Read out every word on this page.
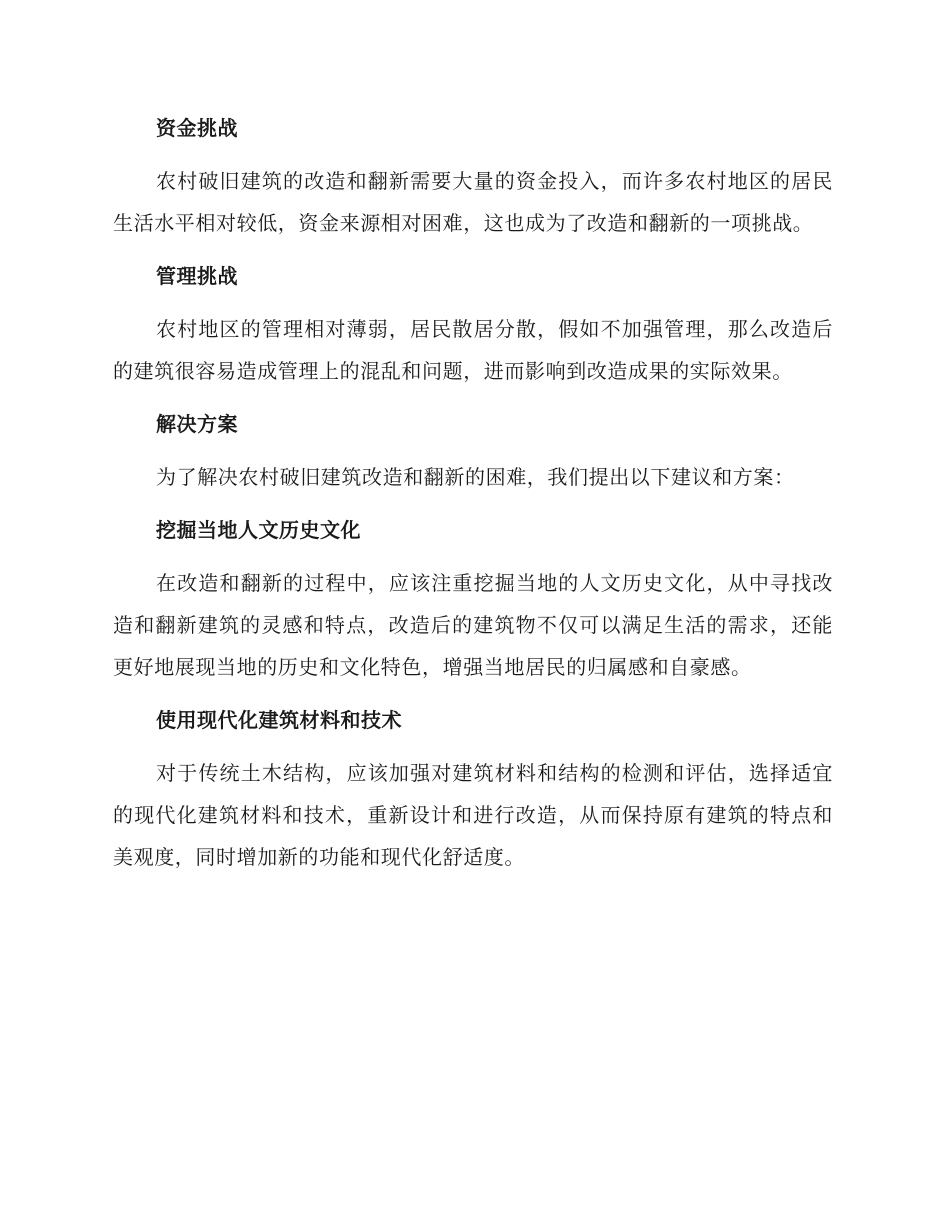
资金挑战

农村破旧建筑的改造和翻新需要大量的资金投入，而许多农村地区的居民生活水平相对较低，资金来源相对困难，这也成为了改造和翻新的一项挑战。

管理挑战

农村地区的管理相对薄弱，居民散居分散，假如不加强管理，那么改造后的建筑很容易造成管理上的混乱和问题，进而影响到改造成果的实际效果。

解决方案

为了解决农村破旧建筑改造和翻新的困难，我们提出以下建议和方案：

挖掘当地人文历史文化

在改造和翻新的过程中，应该注重挖掘当地的人文历史文化，从中寻找改造和翻新建筑的灵感和特点，改造后的建筑物不仅可以满足生活的需求，还能更好地展现当地的历史和文化特色，增强当地居民的归属感和自豪感。

使用现代化建筑材料和技术

对于传统土木结构，应该加强对建筑材料和结构的检测和评估，选择适宜的现代化建筑材料和技术，重新设计和进行改造，从而保持原有建筑的特点和美观度，同时增加新的功能和现代化舒适度。
